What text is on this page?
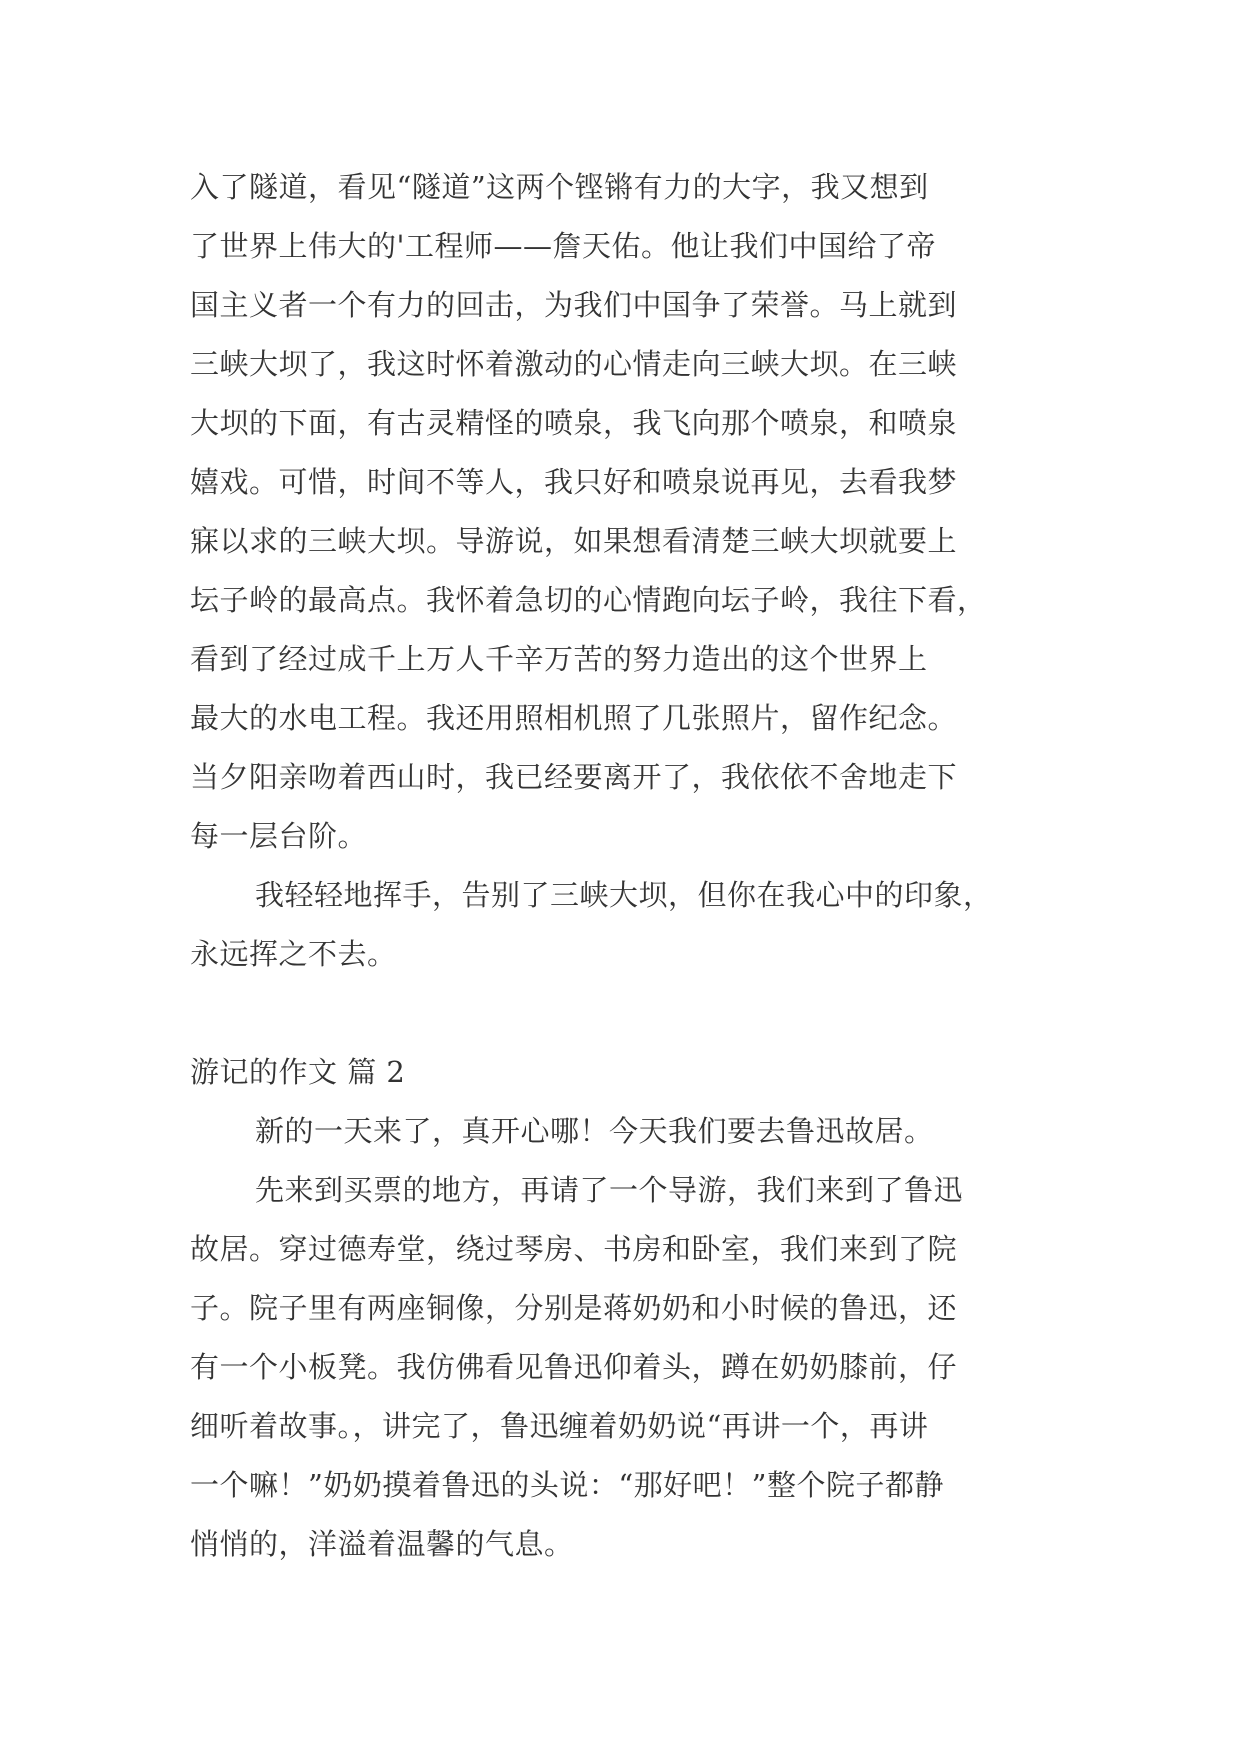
入了隧道，看见“隧道”这两个铿锵有力的大字，我又想到
了世界上伟大的'工程师——詹天佑。他让我们中国给了帝
国主义者一个有力的回击，为我们中国争了荣誉。马上就到
三峡大坝了，我这时怀着激动的心情走向三峡大坝。在三峡
大坝的下面，有古灵精怪的喷泉，我飞向那个喷泉，和喷泉
嬉戏。可惜，时间不等人，我只好和喷泉说再见，去看我梦
寐以求的三峡大坝。导游说，如果想看清楚三峡大坝就要上
坛子岭的最高点。我怀着急切的心情跑向坛子岭，我往下看，
看到了经过成千上万人千辛万苦的努力造出的这个世界上
最大的水电工程。我还用照相机照了几张照片，留作纪念。
当夕阳亲吻着西山时，我已经要离开了，我依依不舍地走下
每一层台阶。
我轻轻地挥手，告别了三峡大坝，但你在我心中的印象，
永远挥之不去。
游记的作文 篇 2
新的一天来了，真开心哪！今天我们要去鲁迅故居。
先来到买票的地方，再请了一个导游，我们来到了鲁迅
故居。穿过德寿堂，绕过琴房、书房和卧室，我们来到了院
子。院子里有两座铜像，分别是蒋奶奶和小时候的鲁迅，还
有一个小板凳。我仿佛看见鲁迅仰着头，蹲在奶奶膝前，仔
细听着故事。，讲完了，鲁迅缠着奶奶说“再讲一个，再讲
一个嘛！”奶奶摸着鲁迅的头说：“那好吧！”整个院子都静
悄悄的，洋溢着温馨的气息。
